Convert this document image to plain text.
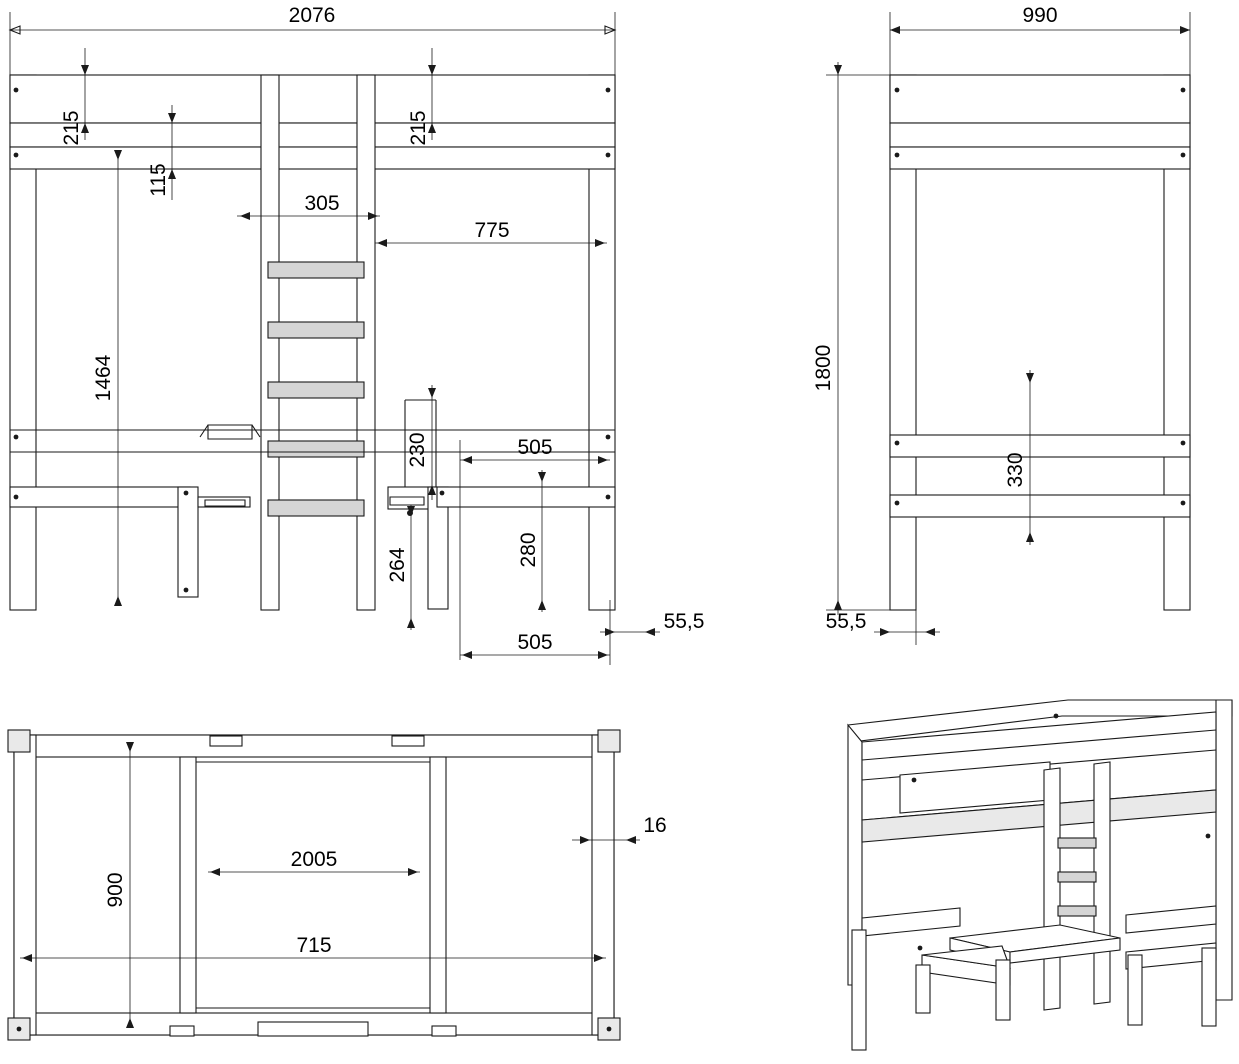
2076
215
115
215
305
775
1464
230	505
264	280
505
55,5
990
1800
330
55,5
900
2005
715
16
